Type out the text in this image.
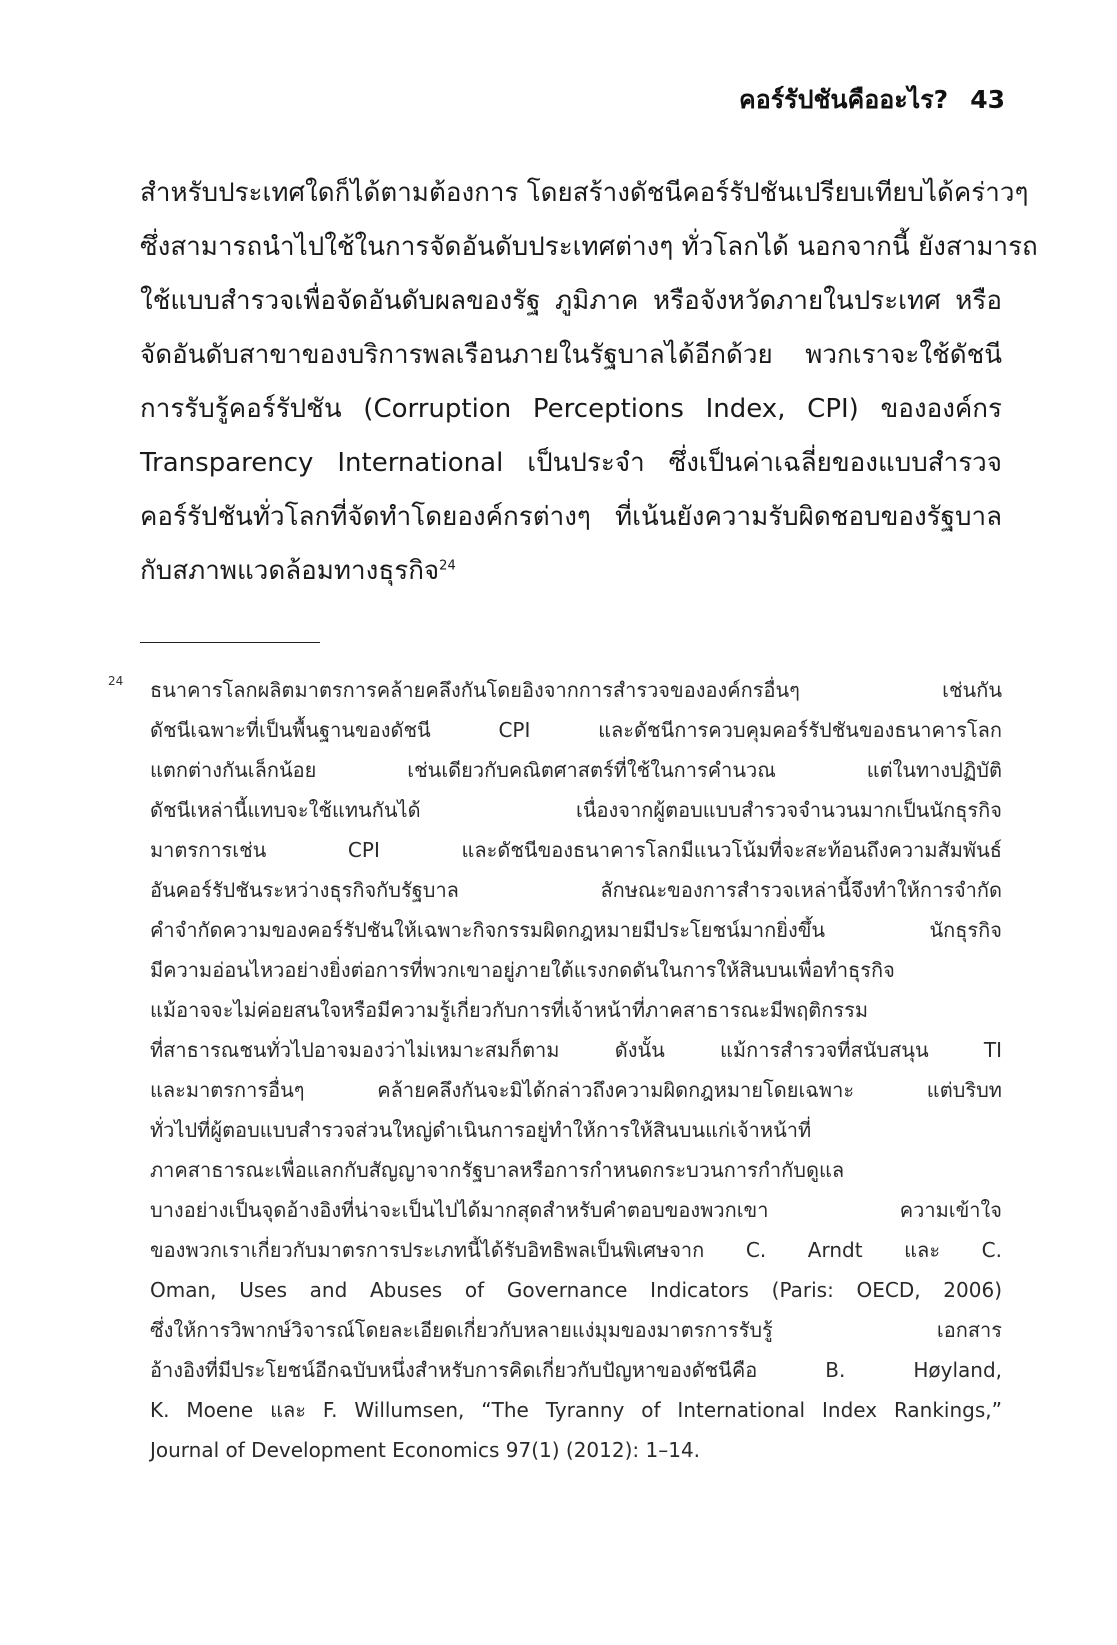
คอร์รัปชันคืออะไร? 43
สำหรับประเทศใดก็ได้ตามต้องการ โดยสร้างดัชนีคอร์รัปชันเปรียบเทียบได้คร่าวๆ
ซึ่งสามารถนำไปใช้ในการจัดอันดับประเทศต่างๆ ทั่วโลกได้ นอกจากนี้ ยังสามารถ
ใช้แบบสำรวจเพื่อจัดอันดับผลของรัฐ ภูมิภาค หรือจังหวัดภายในประเทศ หรือ
จัดอันดับสาขาของบริการพลเรือนภายในรัฐบาลได้อีกด้วย พวกเราจะใช้ดัชนี
การรับรู้คอร์รัปชัน (Corruption Perceptions Index, CPI) ขององค์กร
Transparency International เป็นประจำ ซึ่งเป็นค่าเฉลี่ยของแบบสำรวจ
คอร์รัปชันทั่วโลกที่จัดทำโดยองค์กรต่างๆ ที่เน้นยังความรับผิดชอบของรัฐบาล
กับสภาพแวดล้อมทางธุรกิจ$^{24}$
24 ธนาคารโลกผลิตมาตรการคล้ายคลึงกันโดยอิงจากการสำรวจขององค์กรอื่นๆ เช่นกัน
ดัชนีเฉพาะที่เป็นพื้นฐานของดัชนี CPI และดัชนีการควบคุมคอร์รัปชันของธนาคารโลก
แตกต่างกันเล็กน้อย เช่นเดียวกับคณิตศาสตร์ที่ใช้ในการคำนวณ แต่ในทางปฏิบัติ
ดัชนีเหล่านี้แทบจะใช้แทนกันได้ เนื่องจากผู้ตอบแบบสำรวจจำนวนมากเป็นนักธุรกิจ
มาตรการเช่น CPI และดัชนีของธนาคารโลกมีแนวโน้มที่จะสะท้อนถึงความสัมพันธ์
อันคอร์รัปชันระหว่างธุรกิจกับรัฐบาล ลักษณะของการสำรวจเหล่านี้จึงทำให้การจำกัด
คำจำกัดความของคอร์รัปชันให้เฉพาะกิจกรรมผิดกฎหมายมีประโยชน์มากยิ่งขึ้น นักธุรกิจ
มีความอ่อนไหวอย่างยิ่งต่อการที่พวกเขาอยู่ภายใต้แรงกดดันในการให้สินบนเพื่อทำธุรกิจ
แม้อาจจะไม่ค่อยสนใจหรือมีความรู้เกี่ยวกับการที่เจ้าหน้าที่ภาคสาธารณะมีพฤติกรรม
ที่สาธารณชนทั่วไปอาจมองว่าไม่เหมาะสมก็ตาม ดังนั้น แม้การสำรวจที่สนับสนุน TI
และมาตรการอื่นๆ คล้ายคลึงกันจะมิได้กล่าวถึงความผิดกฎหมายโดยเฉพาะ แต่บริบท
ทั่วไปที่ผู้ตอบแบบสำรวจส่วนใหญ่ดำเนินการอยู่ทำให้การให้สินบนแก่เจ้าหน้าที่
ภาคสาธารณะเพื่อแลกกับสัญญาจากรัฐบาลหรือการกำหนดกระบวนการกำกับดูแล
บางอย่างเป็นจุดอ้างอิงที่น่าจะเป็นไปได้มากสุดสำหรับคำตอบของพวกเขา ความเข้าใจ
ของพวกเราเกี่ยวกับมาตรการประเภทนี้ได้รับอิทธิพลเป็นพิเศษจาก C. Arndt และ C.
Oman, Uses and Abuses of Governance Indicators (Paris: OECD, 2006)
ซึ่งให้การวิพากษ์วิจารณ์โดยละเอียดเกี่ยวกับหลายแง่มุมของมาตรการรับรู้ เอกสาร
อ้างอิงที่มีประโยชน์อีกฉบับหนึ่งสำหรับการคิดเกี่ยวกับปัญหาของดัชนีคือ B. Høyland,
K. Moene และ F. Willumsen, “The Tyranny of International Index Rankings,”
Journal of Development Economics 97(1) (2012): 1–14.
